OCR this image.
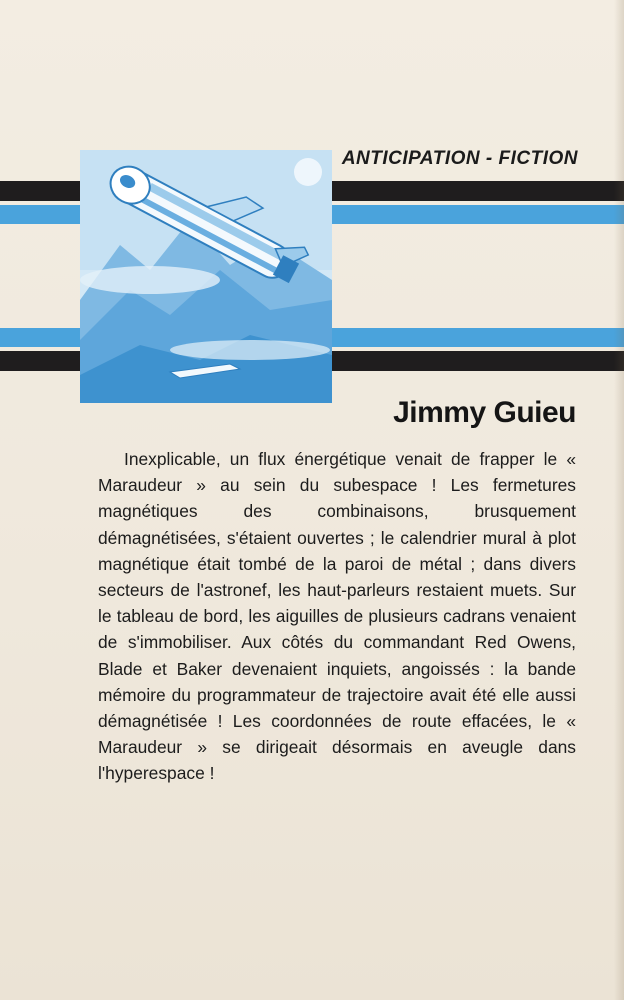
ANTICIPATION - FICTION
Jimmy Guieu

Inexplicable, un flux énergétique venait de frapper le « Maraudeur » au sein du subespace ! Les fermetures magnétiques des combinaisons, brusquement démagnétisées, s'étaient ouvertes ; le calendrier mural à plot magnétique était tombé de la paroi de métal ; dans divers secteurs de l'astronef, les haut-parleurs restaient muets. Sur le tableau de bord, les aiguilles de plusieurs cadrans venaient de s'immobiliser. Aux côtés du commandant Red Owens, Blade et Baker devenaient inquiets, angoissés : la bande mémoire du programmateur de trajectoire avait été elle aussi démagnétisée ! Les coordonnées de route effacées, le « Maraudeur » se dirigeait désormais en aveugle dans l'hyperespace !
